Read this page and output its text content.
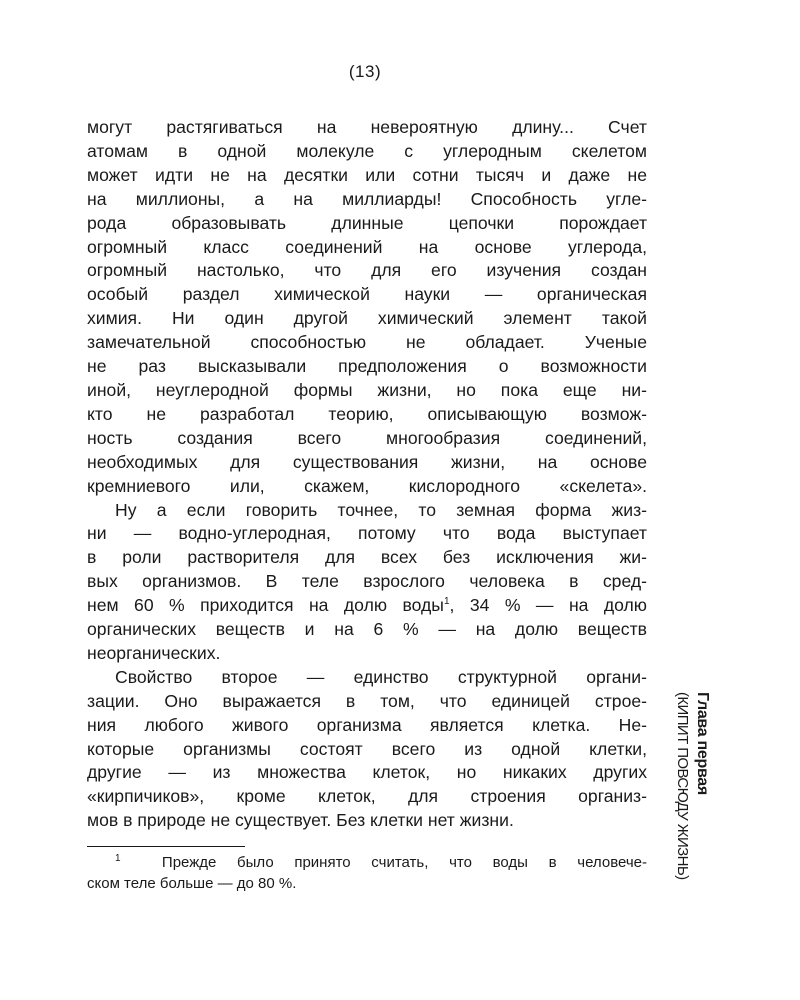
(13)

могут растягиваться на невероятную длину... Счет
атомам в одной молекуле с углеродным скелетом
может идти не на десятки или сотни тысяч и даже не
на миллионы, а на миллиарды! Способность угле-
рода образовывать длинные цепочки порождает
огромный класс соединений на основе углерода,
огромный настолько, что для его изучения создан
особый раздел химической науки — органическая
химия. Ни один другой химический элемент такой
замечательной способностью не обладает. Ученые
не раз высказывали предположения о возможности
иной, неуглеродной формы жизни, но пока еще ни-
кто не разработал теорию, описывающую возмож-
ность создания всего многообразия соединений,
необходимых для существования жизни, на основе
кремниевого или, скажем, кислородного «скелета».

Ну а если говорить точнее, то земная форма жиз-
ни — водно-углеродная, потому что вода выступает
в роли растворителя для всех без исключения жи-
вых организмов. В теле взрослого человека в сред-
нем 60 % приходится на долю воды$^1$, 34 % — на долю
органических веществ и на 6 % — на долю веществ
неорганических.

Свойство второе — единство структурной органи-
зации. Оно выражается в том, что единицей строе-
ния любого живого организма является клетка. Не-
которые организмы состоят всего из одной клетки,
другие — из множества клеток, но никаких других
«кирпичиков», кроме клеток, для строения организ-
мов в природе не существует. Без клетки нет жизни.

$^1$	Прежде было принято считать, что воды в человече-
ском теле больше — до 80 %.
Глава первая
(КИПИТ ПОВСЮДУ ЖИЗНЬ)
